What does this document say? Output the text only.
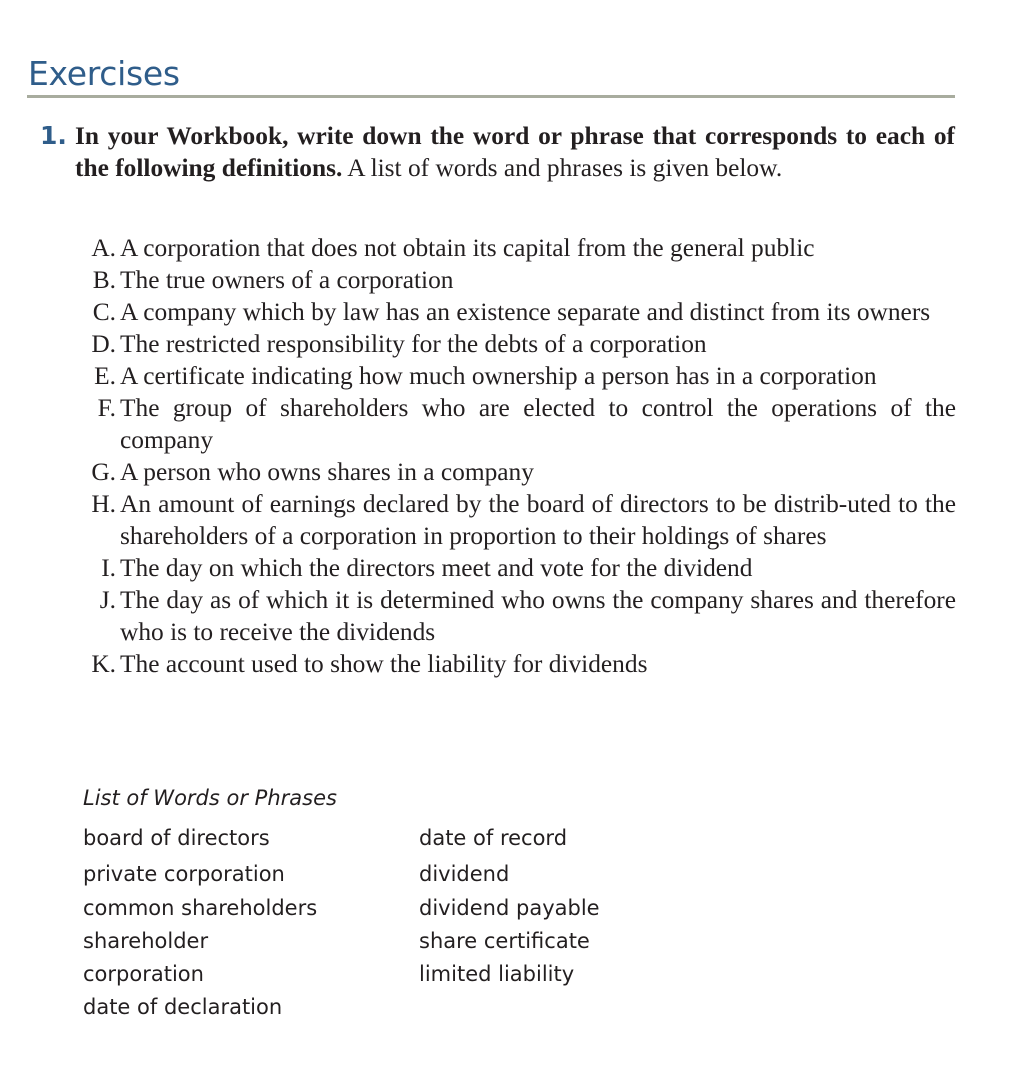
Exercises
1. In your Workbook, write down the word or phrase that corresponds to each of the following definitions. A list of words and phrases is given below.

A. A corporation that does not obtain its capital from the general public
B. The true owners of a corporation
C. A company which by law has an existence separate and distinct from its owners
D. The restricted responsibility for the debts of a corporation
E. A certificate indicating how much ownership a person has in a corporation
F. The group of shareholders who are elected to control the operations of the company
G. A person who owns shares in a company
H. An amount of earnings declared by the board of directors to be distrib-uted to the shareholders of a corporation in proportion to their holdings of shares
I. The day on which the directors meet and vote for the dividend
J. The day as of which it is determined who owns the company shares and therefore who is to receive the dividends
K. The account used to show the liability for dividends
List of Words or Phrases
board of directors
private corporation
common shareholders
shareholder
corporation
date of declaration
date of record
dividend
dividend payable
share certificate
limited liability
